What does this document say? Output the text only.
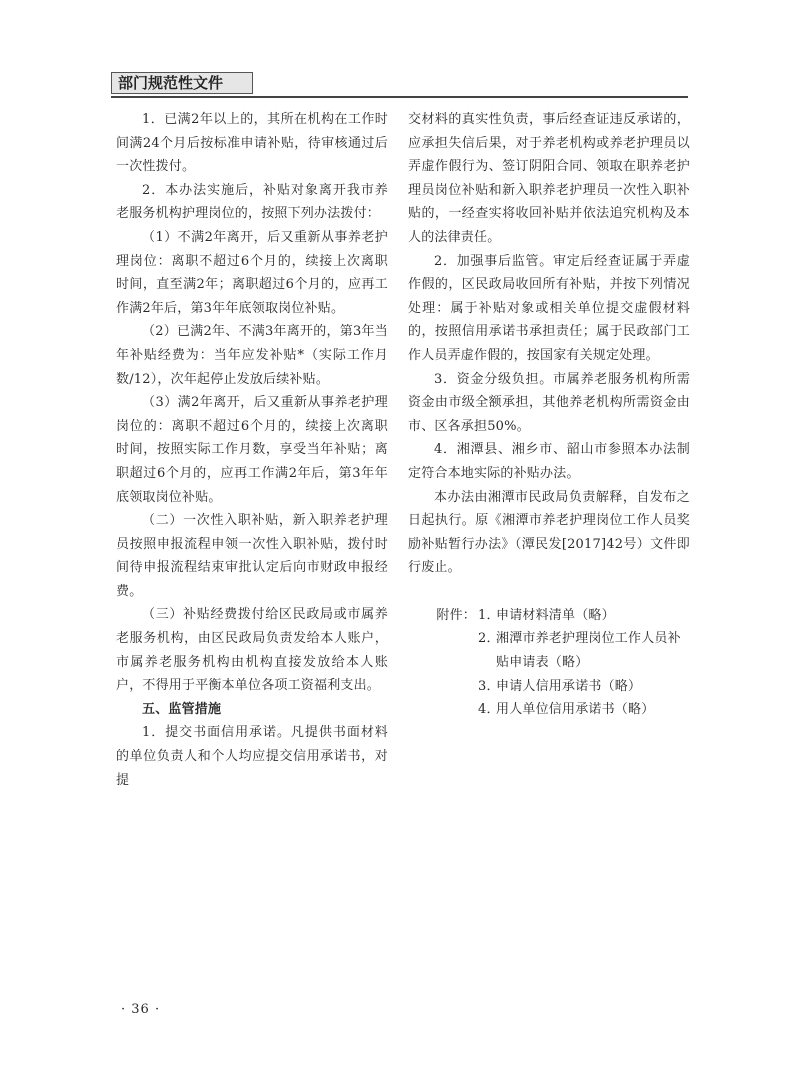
部门规范性文件

1．已满2年以上的，其所在机构在工作时间满24个月后按标准申请补贴，待审核通过后一次性拨付。

2．本办法实施后，补贴对象离开我市养老服务机构护理岗位的，按照下列办法拨付：

（1）不满2年离开，后又重新从事养老护理岗位：离职不超过6个月的，续接上次离职时间，直至满2年；离职超过6个月的，应再工作满2年后，第3年年底领取岗位补贴。

（2）已满2年、不满3年离开的，第3年当年补贴经费为：当年应发补贴*（实际工作月数/12），次年起停止发放后续补贴。

（3）满2年离开，后又重新从事养老护理岗位的：离职不超过6个月的，续接上次离职时间，按照实际工作月数，享受当年补贴；离职超过6个月的，应再工作满2年后，第3年年底领取岗位补贴。

（二）一次性入职补贴，新入职养老护理员按照申报流程申领一次性入职补贴，拨付时间待申报流程结束审批认定后向市财政申报经费。

（三）补贴经费拨付给区民政局或市属养老服务机构，由区民政局负责发给本人账户，市属养老服务机构由机构直接发放给本人账户，不得用于平衡本单位各项工资福利支出。

五、监管措施

1．提交书面信用承诺。凡提供书面材料的单位负责人和个人均应提交信用承诺书，对提

交材料的真实性负责，事后经查证违反承诺的，应承担失信后果，对于养老机构或养老护理员以弄虚作假行为、签订阴阳合同、领取在职养老护理员岗位补贴和新入职养老护理员一次性入职补贴的，一经查实将收回补贴并依法追究机构及本人的法律责任。

2．加强事后监管。审定后经查证属于弄虚作假的，区民政局收回所有补贴，并按下列情况处理：属于补贴对象或相关单位提交虚假材料的，按照信用承诺书承担责任；属于民政部门工作人员弄虚作假的，按国家有关规定处理。

3．资金分级负担。市属养老服务机构所需资金由市级全额承担，其他养老机构所需资金由市、区各承担50%。

4．湘潭县、湘乡市、韶山市参照本办法制定符合本地实际的补贴办法。

本办法由湘潭市民政局负责解释，自发布之日起执行。原《湘潭市养老护理岗位工作人员奖励补贴暂行办法》（潭民发[2017]42号）文件即行废止。

附件： 1．申请材料清单（略）
2．湘潭市养老护理岗位工作人员补
贴申请表（略）
3．申请人信用承诺书（略）
4．用人单位信用承诺书（略）
· 36 ·
